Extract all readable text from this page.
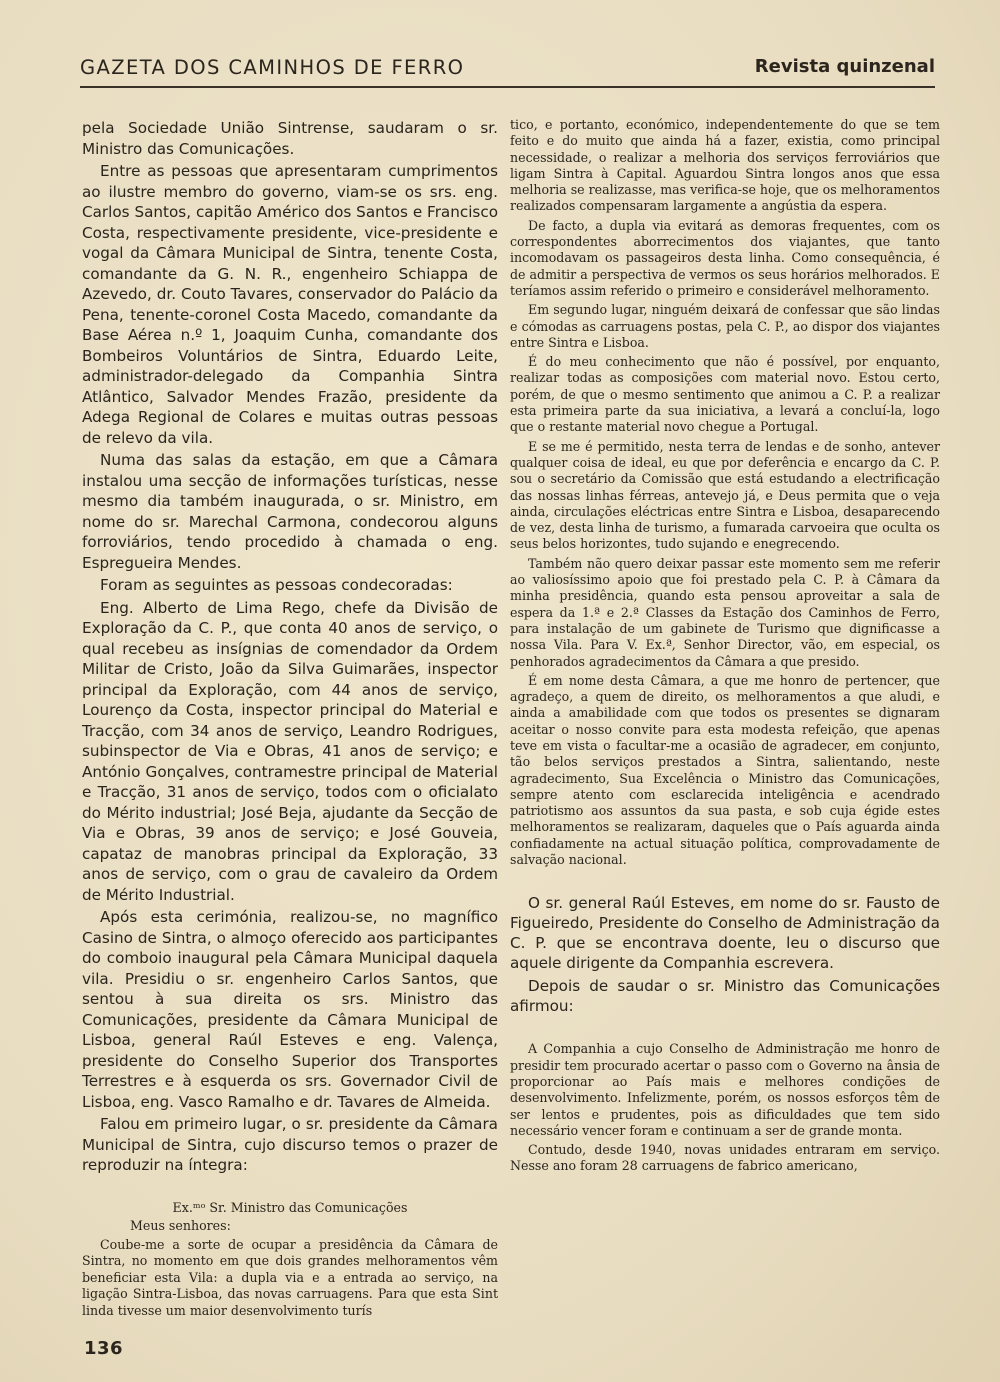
GAZETA DOS CAMINHOS DE FERRO	Revista quinzenal

pela Sociedade União Sintrense, saudaram o sr. Ministro das Comunicações.

Entre as pessoas que apresentaram cumprimentos ao ilustre membro do governo, viam-se os srs. eng. Carlos Santos, capitão Américo dos Santos e Francisco Costa, respectivamente presidente, vice-presidente e vogal da Câmara Municipal de Sintra, tenente Costa, comandante da G. N. R., engenheiro Schiappa de Azevedo, dr. Couto Tavares, conservador do Palácio da Pena, tenente-coronel Costa Macedo, comandante da Base Aérea n.º 1, Joaquim Cunha, comandante dos Bombeiros Voluntários de Sintra, Eduardo Leite, administrador-delegado da Companhia Sintra Atlântico, Salvador Mendes Frazão, presidente da Adega Regional de Colares e muitas outras pessoas de relevo da vila.

Numa das salas da estação, em que a Câmara instalou uma secção de informações turísticas, nesse mesmo dia também inaugurada, o sr. Ministro, em nome do sr. Marechal Carmona, condecorou alguns forroviários, tendo procedido à chamada o eng. Espregueira Mendes.

Foram as seguintes as pessoas condecoradas:

Eng. Alberto de Lima Rego, chefe da Divisão de Exploração da C. P., que conta 40 anos de serviço, o qual recebeu as insígnias de comendador da Ordem Militar de Cristo, João da Silva Guimarães, inspector principal da Exploração, com 44 anos de serviço, Lourenço da Costa, inspector principal do Material e Tracção, com 34 anos de serviço, Leandro Rodrigues, subinspector de Via e Obras, 41 anos de serviço; e António Gonçalves, contramestre principal de Material e Tracção, 31 anos de serviço, todos com o oficialato do Mérito industrial; José Beja, ajudante da Secção de Via e Obras, 39 anos de serviço; e José Gouveia, capataz de manobras principal da Exploração, 33 anos de serviço, com o grau de cavaleiro da Ordem de Mérito Industrial.

Após esta cerimónia, realizou-se, no magnífico Casino de Sintra, o almoço oferecido aos participantes do comboio inaugural pela Câmara Municipal daquela vila. Presidiu o sr. engenheiro Carlos Santos, que sentou à sua direita os srs. Ministro das Comunicações, presidente da Câmara Municipal de Lisboa, general Raúl Esteves e eng. Valença, presidente do Conselho Superior dos Transportes Terrestres e à esquerda os srs. Governador Civil de Lisboa, eng. Vasco Ramalho e dr. Tavares de Almeida.

Falou em primeiro lugar, o sr. presidente da Câmara Municipal de Sintra, cujo discurso temos o prazer de reproduzir na íntegra:

Ex.ᵐᵒ Sr. Ministro das Comunicações

Meus senhores:

Coube-me a sorte de ocupar a presidência da Câmara de Sintra, no momento em que dois grandes melhoramentos vêm beneficiar esta Vila: a dupla via e a entrada ao serviço, na ligação Sintra-Lisboa, das novas carruagens. Para que esta Sint linda tivesse um maior desenvolvimento turís

tico, e portanto, económico, independentemente do que se tem feito e do muito que ainda há a fazer, existia, como principal necessidade, o realizar a melhoria dos serviços ferroviários que ligam Sintra à Capital. Aguardou Sintra longos anos que essa melhoria se realizasse, mas verifica-se hoje, que os melhoramentos realizados compensaram largamente a angústia da espera.

De facto, a dupla via evitará as demoras frequentes, com os correspondentes aborrecimentos dos viajantes, que tanto incomodavam os passageiros desta linha. Como consequência, é de admitir a perspectiva de vermos os seus horários melhorados. E teríamos assim referido o primeiro e considerável melhoramento.

Em segundo lugar, ninguém deixará de confessar que são lindas e cómodas as carruagens postas, pela C. P., ao dispor dos viajantes entre Sintra e Lisboa.

É do meu conhecimento que não é possível, por enquanto, realizar todas as composições com material novo. Estou certo, porém, de que o mesmo sentimento que animou a C. P. a realizar esta primeira parte da sua iniciativa, a levará a concluí-la, logo que o restante material novo chegue a Portugal.

E se me é permitido, nesta terra de lendas e de sonho, antever qualquer coisa de ideal, eu que por deferência e encargo da C. P. sou o secretário da Comissão que está estudando a electrificação das nossas linhas férreas, antevejo já, e Deus permita que o veja ainda, circulações eléctricas entre Sintra e Lisboa, desaparecendo de vez, desta linha de turismo, a fumarada carvoeira que oculta os seus belos horizontes, tudo sujando e enegrecendo.

Também não quero deixar passar este momento sem me referir ao valiosíssimo apoio que foi prestado pela C. P. à Câmara da minha presidência, quando esta pensou aproveitar a sala de espera da 1.ª e 2.ª Classes da Estação dos Caminhos de Ferro, para instalação de um gabinete de Turismo que dignificasse a nossa Vila. Para V. Ex.ª, Senhor Director, vão, em especial, os penhorados agradecimentos da Câmara a que presido.

É em nome desta Câmara, a que me honro de pertencer, que agradeço, a quem de direito, os melhoramentos a que aludi, e ainda a amabilidade com que todos os presentes se dignaram aceitar o nosso convite para esta modesta refeição, que apenas teve em vista o facultar-me a ocasião de agradecer, em conjunto, tão belos serviços prestados a Sintra, salientando, neste agradecimento, Sua Excelência o Ministro das Comunicações, sempre atento com esclarecida inteligência e acendrado patriotismo aos assuntos da sua pasta, e sob cuja égide estes melhoramentos se realizaram, daqueles que o País aguarda ainda confiadamente na actual situação política, comprovadamente de salvação nacional.

O sr. general Raúl Esteves, em nome do sr. Fausto de Figueiredo, Presidente do Conselho de Administração da C. P. que se encontrava doente, leu o discurso que aquele dirigente da Companhia escrevera.

Depois de saudar o sr. Ministro das Comunicações afirmou:

A Companhia a cujo Conselho de Administração me honro de presidir tem procurado acertar o passo com o Governo na ânsia de proporcionar ao País mais e melhores condições de desenvolvimento. Infelizmente, porém, os nossos esforços têm de ser lentos e prudentes, pois as dificuldades que tem sido necessário vencer foram e continuam a ser de grande monta.

Contudo, desde 1940, novas unidades entraram em serviço. Nesse ano foram 28 carruagens de fabrico americano,

136
